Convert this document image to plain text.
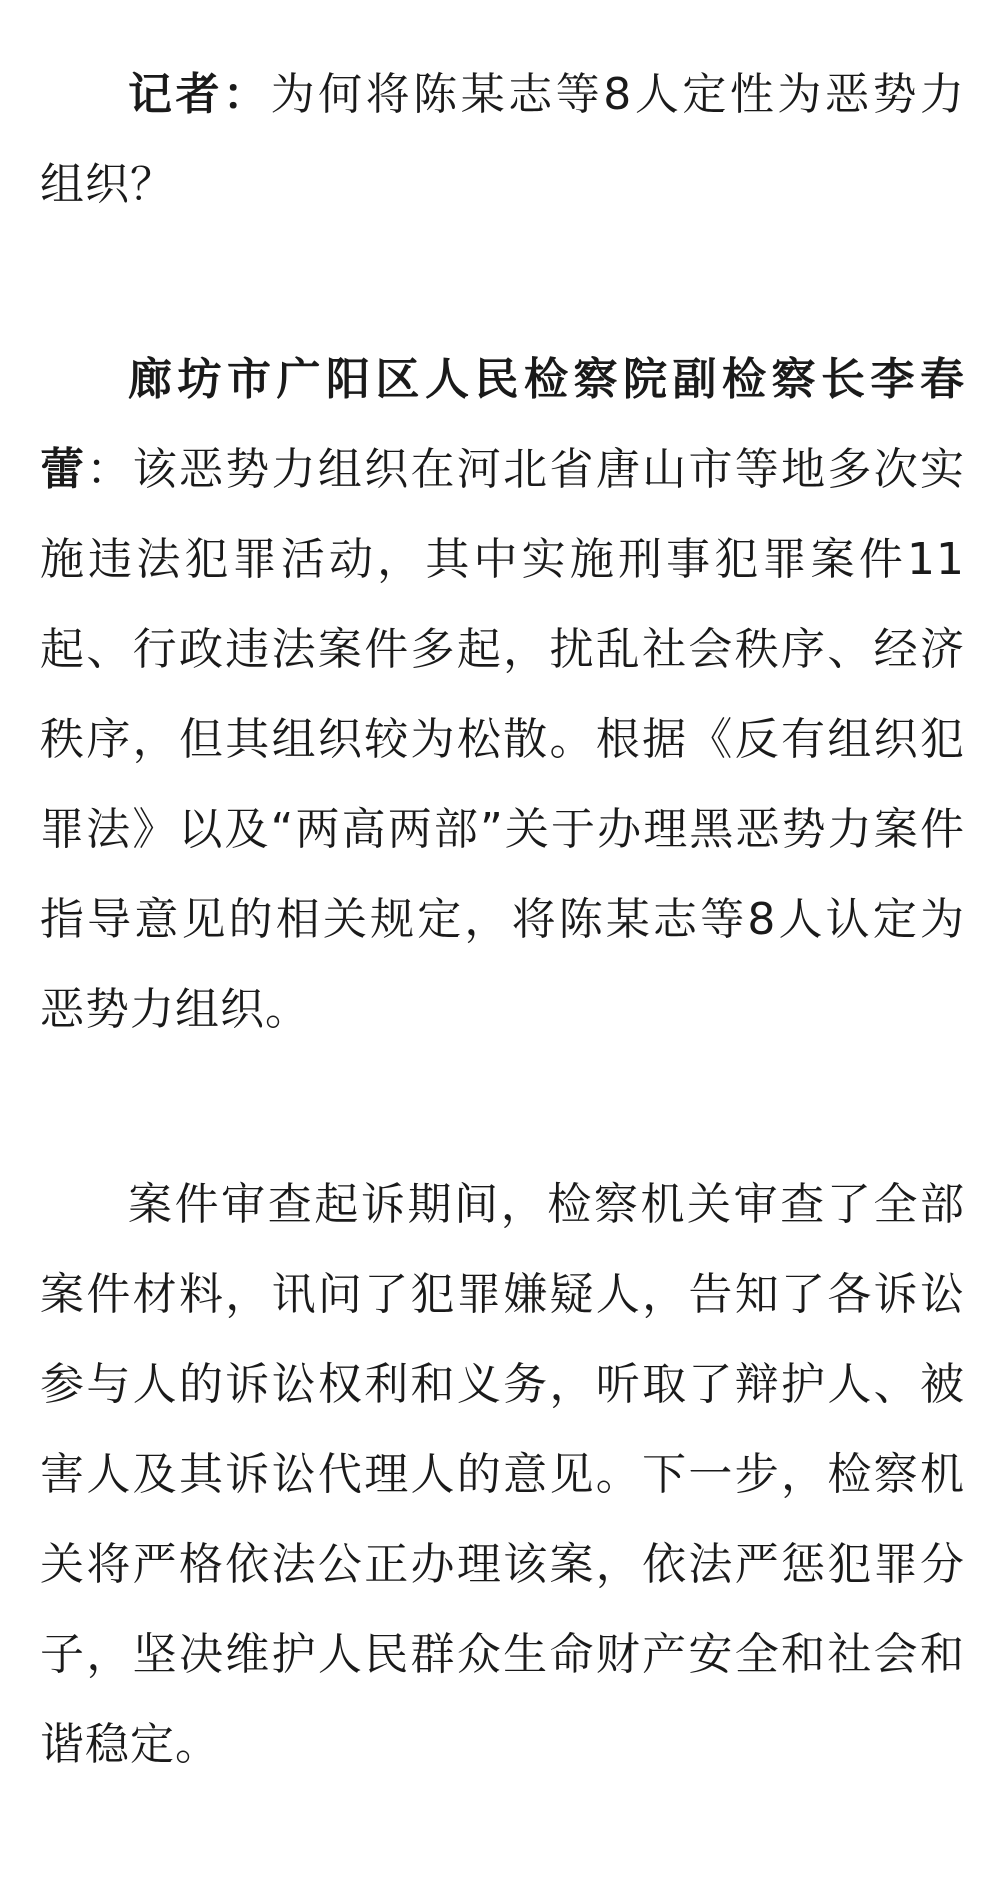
记者：为何将陈某志等8人定性为恶势力组织？

廊坊市广阳区人民检察院副检察长李春蕾：该恶势力组织在河北省唐山市等地多次实施违法犯罪活动，其中实施刑事犯罪案件11起、行政违法案件多起，扰乱社会秩序、经济秩序，但其组织较为松散。根据《反有组织犯罪法》以及“两高两部”关于办理黑恶势力案件指导意见的相关规定，将陈某志等8人认定为恶势力组织。

案件审查起诉期间，检察机关审查了全部案件材料，讯问了犯罪嫌疑人，告知了各诉讼参与人的诉讼权利和义务，听取了辩护人、被害人及其诉讼代理人的意见。下一步，检察机关将严格依法公正办理该案，依法严惩犯罪分子，坚决维护人民群众生命财产安全和社会和谐稳定。
